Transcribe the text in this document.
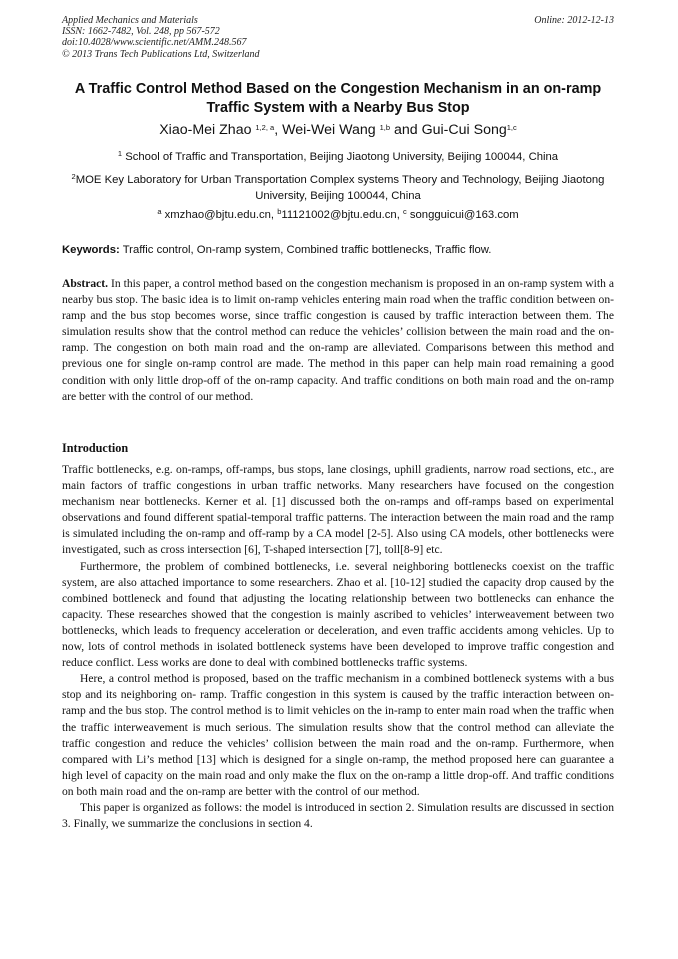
Applied Mechanics and Materials
ISSN: 1662-7482, Vol. 248, pp 567-572
doi:10.4028/www.scientific.net/AMM.248.567
© 2013 Trans Tech Publications Ltd, Switzerland
Online: 2012-12-13
A Traffic Control Method Based on the Congestion Mechanism in an on-ramp Traffic System with a Nearby Bus Stop
Xiao-Mei Zhao $^{1,2, a}$, Wei-Wei Wang $^{1,b}$ and Gui-Cui Song$^{1,c}$
$^1$ School of Traffic and Transportation, Beijing Jiaotong University, Beijing 100044, China
$^2$MOE Key Laboratory for Urban Transportation Complex systems Theory and Technology, Beijing Jiaotong University, Beijing 100044, China
$^a$ xmzhao@bjtu.edu.cn, $^b$11121002@bjtu.edu.cn, $^c$ songguicui@163.com
Keywords: Traffic control, On-ramp system, Combined traffic bottlenecks, Traffic flow.
Abstract. In this paper, a control method based on the congestion mechanism is proposed in an on-ramp system with a nearby bus stop. The basic idea is to limit on-ramp vehicles entering main road when the traffic condition between on-ramp and the bus stop becomes worse, since traffic congestion is caused by traffic interaction between them. The simulation results show that the control method can reduce the vehicles’ collision between the main road and the on-ramp. The congestion on both main road and the on-ramp are alleviated. Comparisons between this method and previous one for single on-ramp control are made. The method in this paper can help main road remaining a good condition with only little drop-off of the on-ramp capacity. And traffic conditions on both main road and the on-ramp are better with the control of our method.
Introduction

Traffic bottlenecks, e.g. on-ramps, off-ramps, bus stops, lane closings, uphill gradients, narrow road sections, etc., are main factors of traffic congestions in urban traffic networks. Many researchers have focused on the congestion mechanism near bottlenecks. Kerner et al. [1] discussed both the on-ramps and off-ramps based on experimental observations and found different spatial-temporal traffic patterns. The interaction between the main road and the ramp is simulated including the on-ramp and off-ramp by a CA model [2-5]. Also using CA models, other bottlenecks were investigated, such as cross intersection [6], T-shaped intersection [7], toll[8-9] etc.

Furthermore, the problem of combined bottlenecks, i.e. several neighboring bottlenecks coexist on the traffic system, are also attached importance to some researchers. Zhao et al. [10-12] studied the capacity drop caused by the combined bottleneck and found that adjusting the locating relationship between two bottlenecks can enhance the capacity. These researches showed that the congestion is mainly ascribed to vehicles’ interweavement between two bottlenecks, which leads to frequency acceleration or deceleration, and even traffic accidents among vehicles. Up to now, lots of control methods in isolated bottleneck systems have been developed to improve traffic congestion and reduce conflict. Less works are done to deal with combined bottlenecks traffic systems.

Here, a control method is proposed, based on the traffic mechanism in a combined bottleneck systems with a bus stop and its neighboring on- ramp. Traffic congestion in this system is caused by the traffic interaction between on-ramp and the bus stop. The control method is to limit vehicles on the in-ramp to enter main road when the traffic when the traffic interweavement is much serious. The simulation results show that the control method can alleviate the traffic congestion and reduce the vehicles’ collision between the main road and the on-ramp. Furthermore, when compared with Li’s method [13] which is designed for a single on-ramp, the method proposed here can guarantee a high level of capacity on the main road and only make the flux on the on-ramp a little drop-off. And traffic conditions on both main road and the on-ramp are better with the control of our method.

This paper is organized as follows: the model is introduced in section 2. Simulation results are discussed in section 3. Finally, we summarize the conclusions in section 4.
